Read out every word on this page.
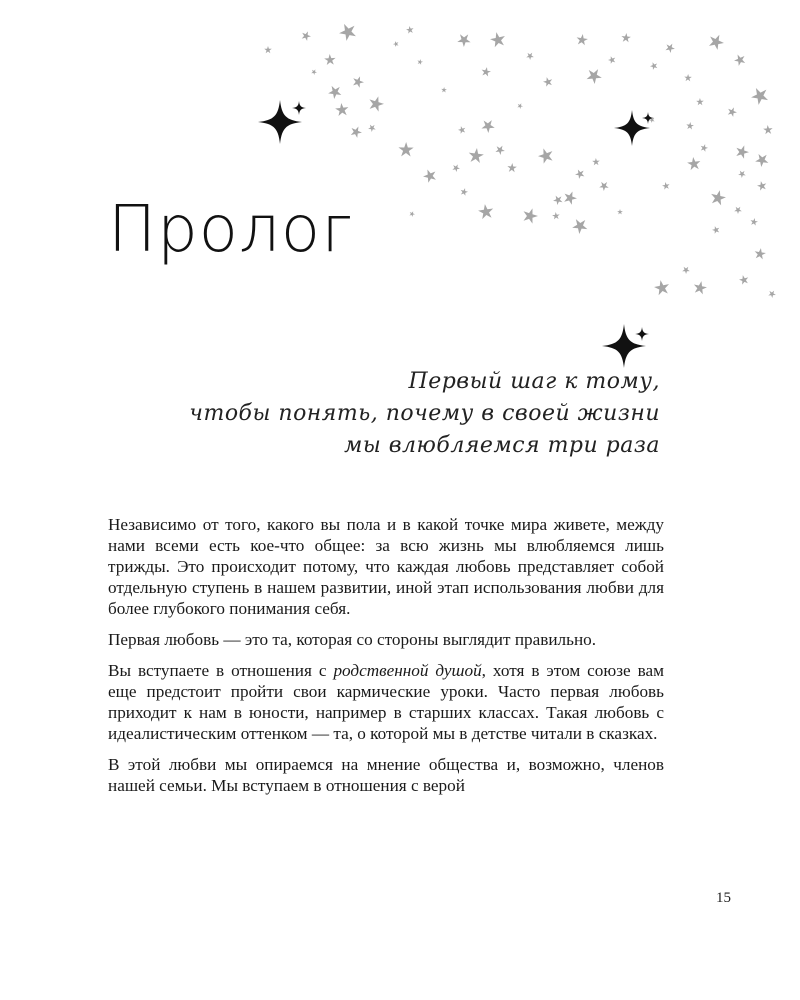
Пролог
Первый шаг к тому,
чтобы понять, почему в своей жизни
мы влюбляемся три раза

Независимо от того, какого вы пола и в какой точке мира живете, между нами всеми есть кое-что общее: за всю жизнь мы влюбляемся лишь трижды. Это происходит потому, что каждая любовь представляет собой отдельную ступень в нашем развитии, иной этап использования любви для более глубокого понимания себя.

Первая любовь — это та, которая со стороны выглядит правильно.

Вы вступаете в отношения с родственной душой, хотя в этом союзе вам еще предстоит пройти свои кармические уроки. Часто первая любовь приходит к нам в юности, например в старших классах. Такая любовь с идеалистическим оттенком — та, о которой мы в детстве читали в сказках.

В этой любви мы опираемся на мнение общества и, возможно, членов нашей семьи. Мы вступаем в отношения с верой

15
